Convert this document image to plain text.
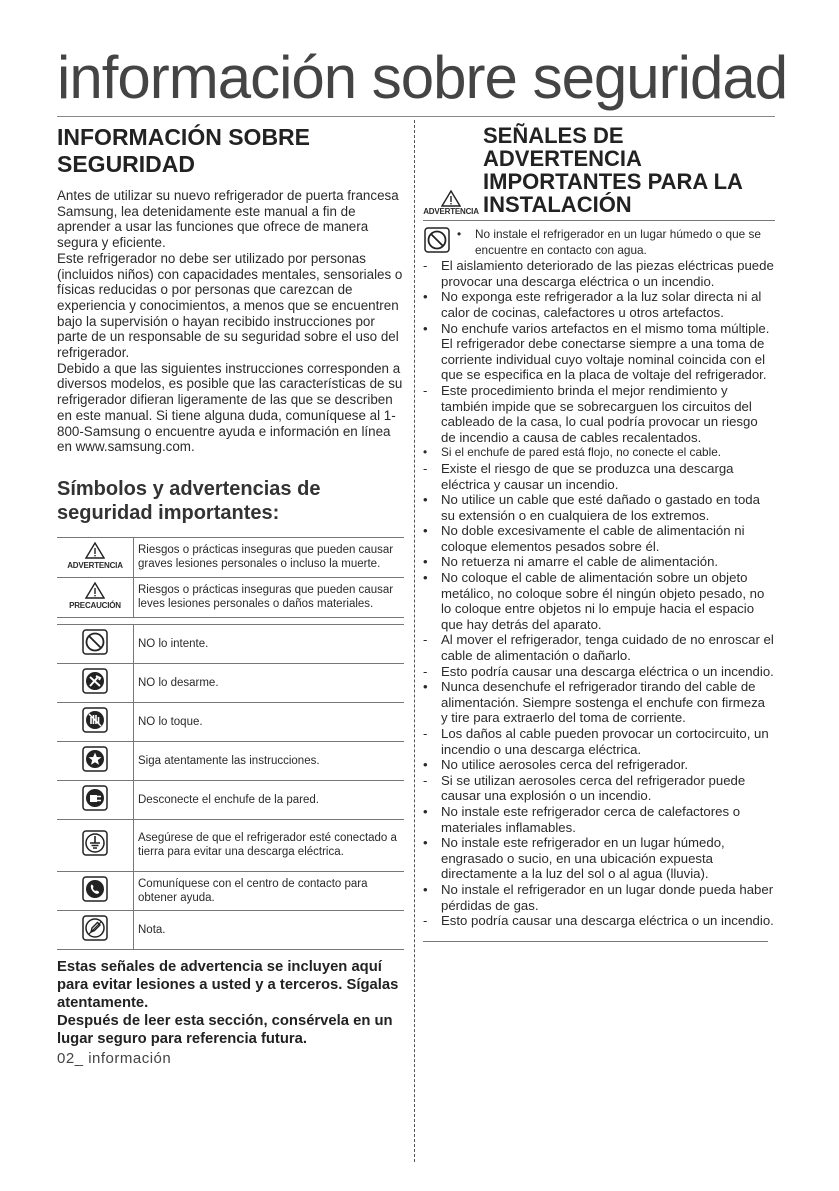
información sobre seguridad
INFORMACIÓN SOBRE SEGURIDAD

Antes de utilizar su nuevo refrigerador de puerta francesa Samsung, lea detenidamente este manual a fin de aprender a usar las funciones que ofrece de manera segura y eficiente.

Este refrigerador no debe ser utilizado por personas (incluidos niños) con capacidades mentales, sensoriales o físicas reducidas o por personas que carezcan de experiencia y conocimientos, a menos que se encuentren bajo la supervisión o hayan recibido instrucciones por parte de un responsable de su seguridad sobre el uso del refrigerador.

Debido a que las siguientes instrucciones corresponden a diversos modelos, es posible que las características de su refrigerador difieran ligeramente de las que se describen en este manual. Si tiene alguna duda, comuníquese al 1-800-Samsung o encuentre ayuda e información en línea en www.samsung.com.

Símbolos y advertencias de seguridad importantes:
ADVERTENCIA	Riesgos o prácticas inseguras que pueden causar graves lesiones personales o incluso la muerte.

PRECAUCIÓN	Riesgos o prácticas inseguras que pueden causar leves lesiones personales o daños materiales.

	NO lo intente.
	NO lo desarme.
	NO lo toque.
	Siga atentamente las instrucciones.
	Desconecte el enchufe de la pared.
	Asegúrese de que el refrigerador esté conectado a tierra para evitar una descarga eléctrica.
	Comuníquese con el centro de contacto para obtener ayuda.
	Nota.
Estas señales de advertencia se incluyen aquí para evitar lesiones a usted y a terceros. Sígalas atentamente.
Después de leer esta sección, consérvela en un lugar seguro para referencia futura.
02_ información
SEÑALES DE ADVERTENCIA
ADVERTENCIA
IMPORTANTES PARA LA
INSTALACIÓN
•	No instale el refrigerador en un lugar húmedo o que se encuentre en contacto con agua.
-	El aislamiento deteriorado de las piezas eléctricas puede provocar una descarga eléctrica o un incendio.
•	No exponga este refrigerador a la luz solar directa ni al calor de cocinas, calefactores u otros artefactos.
•	No enchufe varios artefactos en el mismo toma múltiple. El refrigerador debe conectarse siempre a una toma de corriente individual cuyo voltaje nominal coincida con el que se especifica en la placa de voltaje del refrigerador.
-	Este procedimiento brinda el mejor rendimiento y también impide que se sobrecarguen los circuitos del cableado de la casa, lo cual podría provocar un riesgo de incendio a causa de cables recalentados.
•	Si el enchufe de pared está flojo, no conecte el cable.
-	Existe el riesgo de que se produzca una descarga eléctrica y causar un incendio.
•	No utilice un cable que esté dañado o gastado en toda su extensión o en cualquiera de los extremos.
•	No doble excesivamente el cable de alimentación ni coloque elementos pesados sobre él.
•	No retuerza ni amarre el cable de alimentación.
•	No coloque el cable de alimentación sobre un objeto metálico, no coloque sobre él ningún objeto pesado, no lo coloque entre objetos ni lo empuje hacia el espacio que hay detrás del aparato.
-	Al mover el refrigerador, tenga cuidado de no enroscar el cable de alimentación o dañarlo.
-	Esto podría causar una descarga eléctrica o un incendio.
•	Nunca desenchufe el refrigerador tirando del cable de alimentación. Siempre sostenga el enchufe con firmeza y tire para extraerlo del toma de corriente.
-	Los daños al cable pueden provocar un cortocircuito, un incendio o una descarga eléctrica.
•	No utilice aerosoles cerca del refrigerador.
-	Si se utilizan aerosoles cerca del refrigerador puede causar una explosión o un incendio.
•	No instale este refrigerador cerca de calefactores o materiales inflamables.
•	No instale este refrigerador en un lugar húmedo, engrasado o sucio, en una ubicación expuesta directamente a la luz del sol o al agua (lluvia).
•	No instale el refrigerador en un lugar donde pueda haber pérdidas de gas.
-	Esto podría causar una descarga eléctrica o un incendio.
